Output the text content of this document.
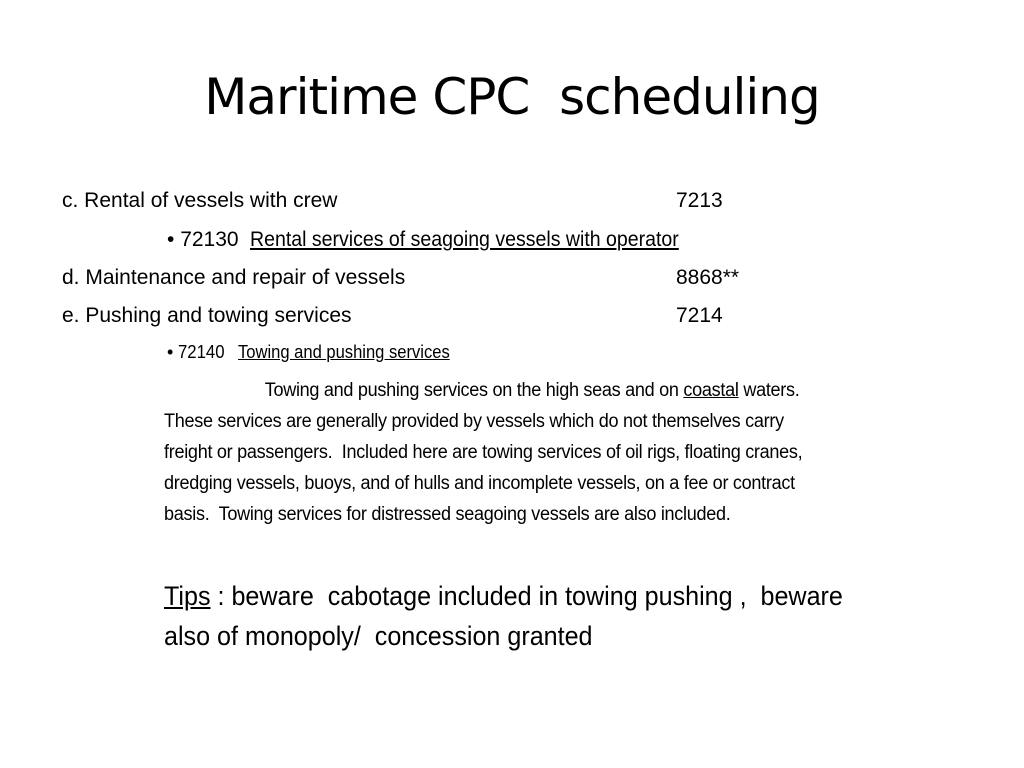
Maritime CPC  scheduling
c. Rental of vessels with crew	7213
• 72130 Rental services of seagoing vessels with operator
d. Maintenance and repair of vessels	8868**
e. Pushing and towing services	7214
• 72140 Towing and pushing services
Towing and pushing services on the high seas and on coastal waters.
These services are generally provided by vessels which do not themselves carry
freight or passengers.  Included here are towing services of oil rigs, floating cranes,
dredging vessels, buoys, and of hulls and incomplete vessels, on a fee or contract
basis.  Towing services for distressed seagoing vessels are also included.
Tips : beware  cabotage included in towing pushing ,  beware
also of monopoly/  concession granted
